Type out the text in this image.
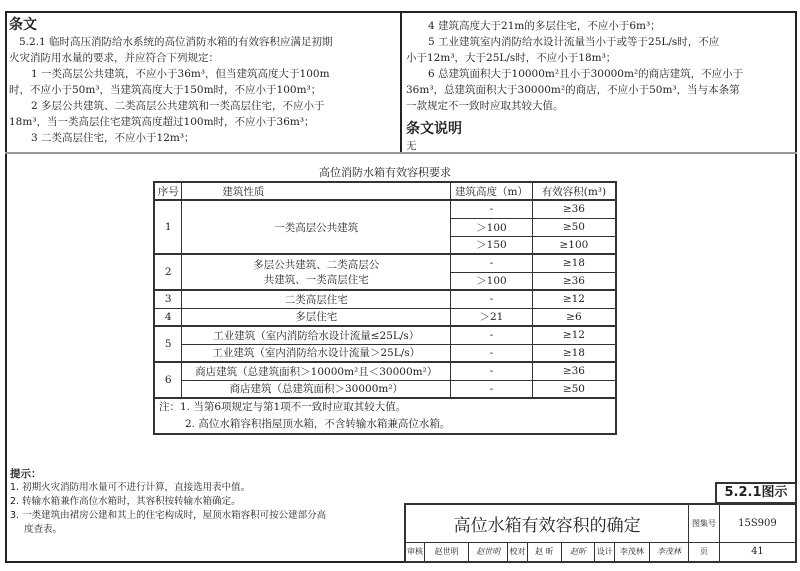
条文
5.2.1 临时高压消防给水系统的高位消防水箱的有效容积应满足初期
火灾消防用水量的要求，并应符合下列规定：
1 一类高层公共建筑，不应小于36m³，但当建筑高度大于100m
时，不应小于50m³，当建筑高度大于150m时，不应小于100m³；
2 多层公共建筑、二类高层公共建筑和一类高层住宅，不应小于
18m³，当一类高层住宅建筑高度超过100m时，不应小于36m³；
3 二类高层住宅，不应小于12m³；
4 建筑高度大于21m的多层住宅，不应小于6m³；
5 工业建筑室内消防给水设计流量当小于或等于25L/s时，不应
小于12m³，大于25L/s时，不应小于18m³；
6 总建筑面积大于10000m²且小于30000m²的商店建筑，不应小于
36m³，总建筑面积大于30000m²的商店，不应小于50m³，当与本条第
一款规定不一致时应取其较大值。
条文说明
无
高位消防水箱有效容积要求
序号	建筑性质	建筑高度（m）	有效容积(m³)
1	一类高层公共建筑	-	≥36
		＞100	≥50
		＞150	≥100
2	多层公共建筑、二类高层公
共建筑、一类高层住宅	-	≥18
		＞100	≥36
3	二类高层住宅	-	≥12
4	多层住宅	＞21	≥6
5	工业建筑（室内消防给水设计流量≤25L/s）	-	≥12
	工业建筑（室内消防给水设计流量＞25L/s）	-	≥18
6	商店建筑（总建筑面积＞10000m²且＜30000m²）	-	≥36
	商店建筑（总建筑面积＞30000m²）	-	≥50

注：1. 当第6项规定与第1项不一致时应取其较大值。
2. 高位水箱容积指屋顶水箱，不含转输水箱兼高位水箱。			
提示：
1. 初期火灾消防用水量可不进行计算，直接选用表中值。
2. 转输水箱兼作高位水箱时，其容积按转输水箱确定。
3. 一类建筑由裙房公建和其上的住宅构成时，屋顶水箱容积可按公建部分高
度查表。
5.2.1图示
高位水箱有效容积的确定									图集号	15S909
审核	赵世明	赵世明	校对	赵 昕	赵昕	设计	李茂林	李茂林	页	41
